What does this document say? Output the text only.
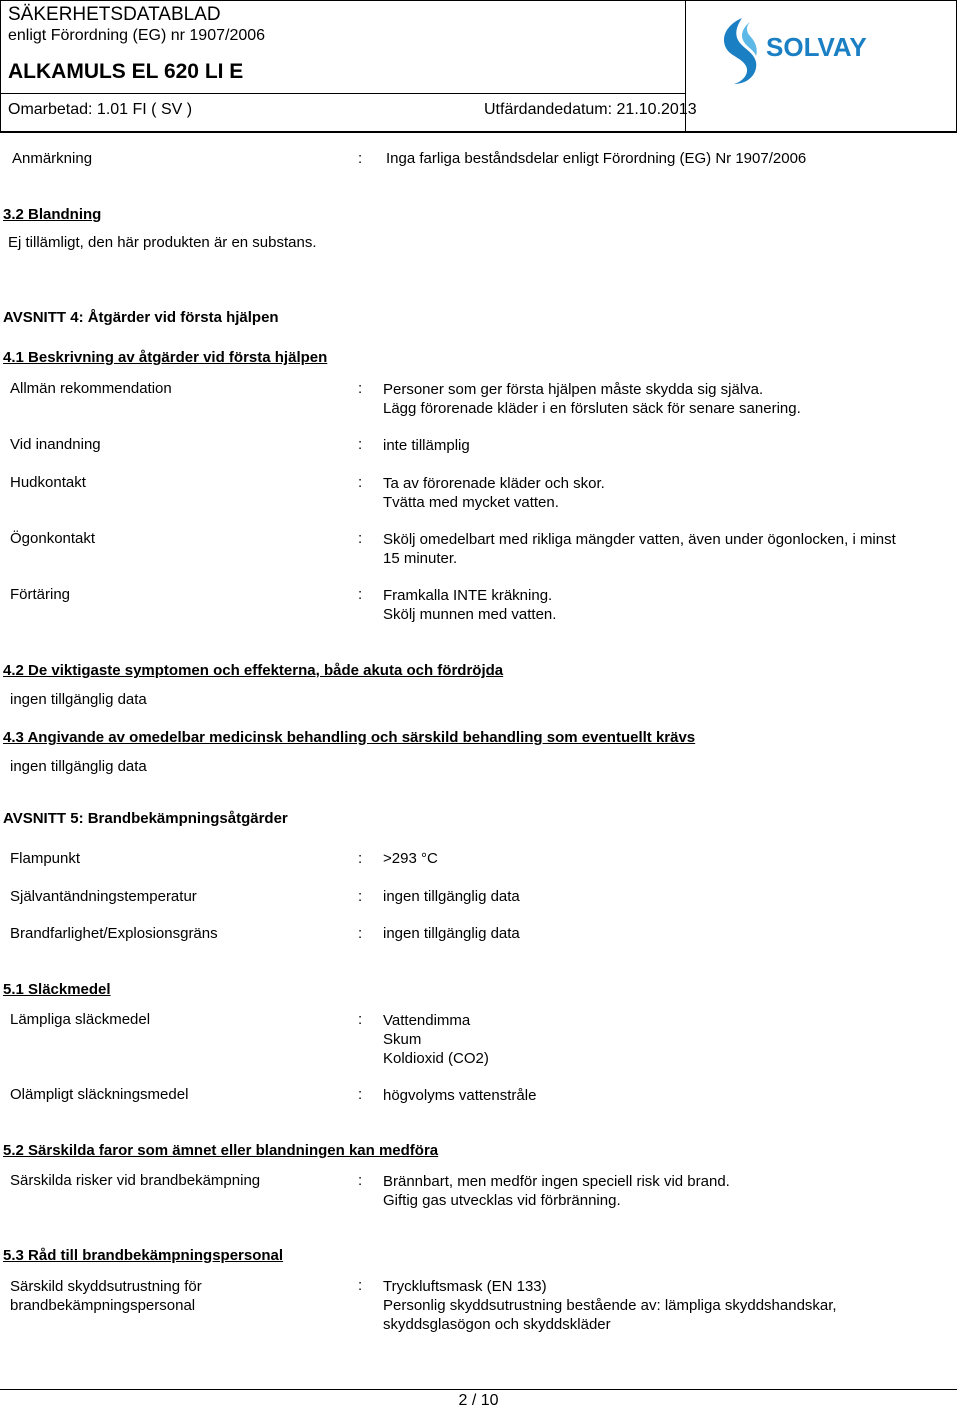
SÄKERHETSDATABLAD
enligt Förordning (EG) nr 1907/2006
ALKAMULS EL 620 LI E
Omarbetad: 1.01 FI ( SV )	Utfärdandedatum: 21.10.2013
SOLVAY
Anmärkning	: Inga farliga beståndsdelar enligt Förordning (EG) Nr 1907/2006
3.2 Blandning
Ej tillämligt, den här produkten är en substans.
AVSNITT 4: Åtgärder vid första hjälpen
4.1 Beskrivning av åtgärder vid första hjälpen
Allmän rekommendation	: Personer som ger första hjälpen måste skydda sig själva.
Lägg förorenade kläder i en försluten säck för senare sanering.
Vid inandning	: inte tillämplig
Hudkontakt	: Ta av förorenade kläder och skor.
Tvätta med mycket vatten.
Ögonkontakt	: Skölj omedelbart med rikliga mängder vatten, även under ögonlocken, i minst
15 minuter.
Förtäring	: Framkalla INTE kräkning.
Skölj munnen med vatten.
4.2 De viktigaste symptomen och effekterna, både akuta och fördröjda
ingen tillgänglig data
4.3 Angivande av omedelbar medicinsk behandling och särskild behandling som eventuellt krävs
ingen tillgänglig data
AVSNITT 5: Brandbekämpningsåtgärder
Flampunkt	: >293 °C
Självantändningstemperatur	: ingen tillgänglig data
Brandfarlighet/Explosionsgräns	: ingen tillgänglig data
5.1 Släckmedel
Lämpliga släckmedel	: Vattendimma
Skum
Koldioxid (CO2)
Olämpligt släckningsmedel	: högvolyms vattenstråle
5.2 Särskilda faror som ämnet eller blandningen kan medföra
Särskilda risker vid brandbekämpning	: Brännbart, men medför ingen speciell risk vid brand.
Giftig gas utvecklas vid förbränning.
5.3 Råd till brandbekämpningspersonal
Särskild skyddsutrustning för
brandbekämpningspersonal
: Tryckluftsmask (EN 133)
Personlig skyddsutrustning bestående av: lämpliga skyddshandskar,
skyddsglasögon och skyddskläder
2 / 10
